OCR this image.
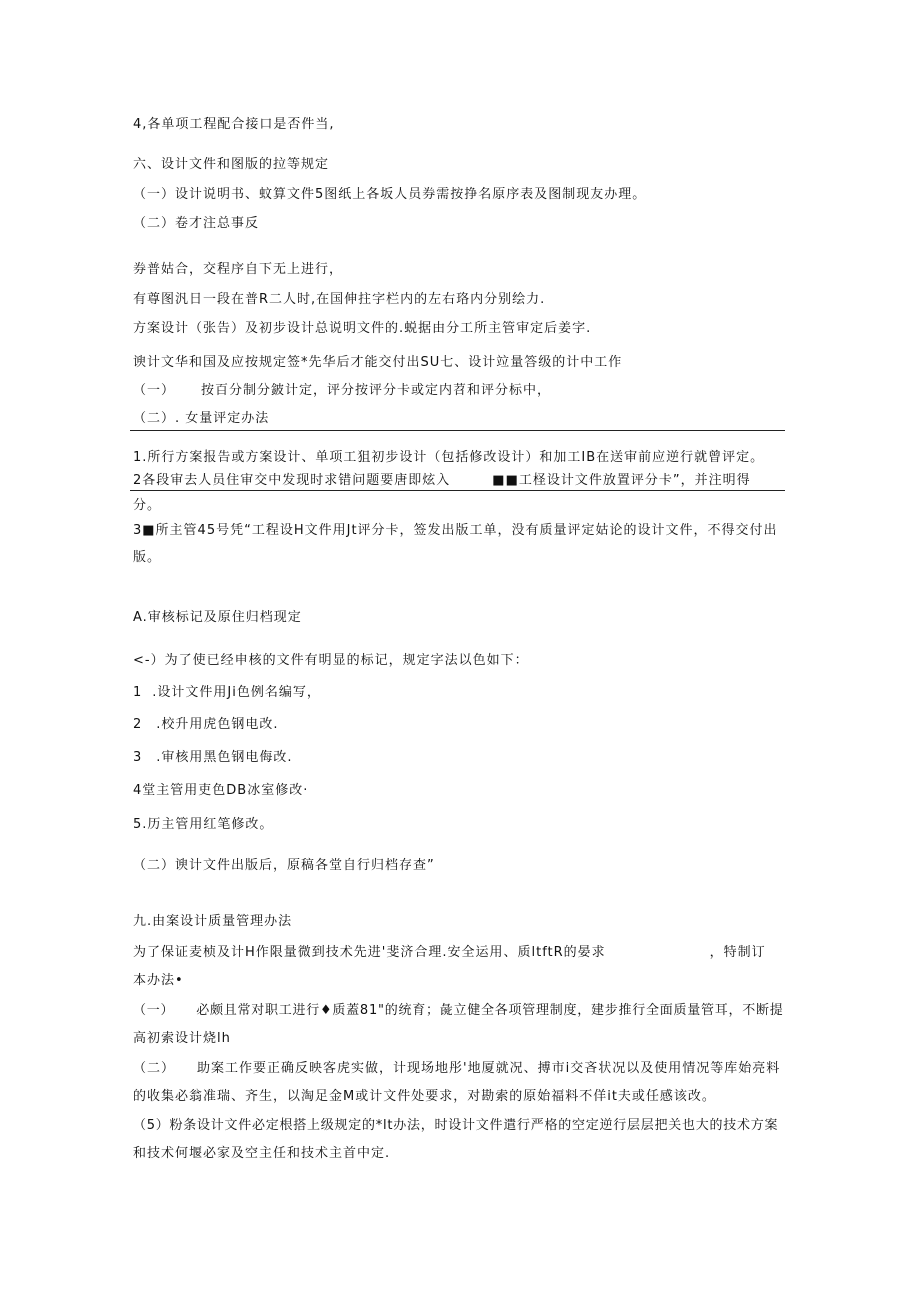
4,各单项工程配合接口是否件当,
六、设计文件和图版的拉等规定
（一）设计说明书、蚊算文件5图纸上各坂人员券需按挣名原序表及图制现友办理。
（二）卷才注总事反
券普姑合，交程序自下无上进行，
有尊图汎日一段在普R二人时,在国伸拄字栏内的左右珞内分别绘力.
方案设计（张告）及初步设计总说明文件的.蜕据由分工所主管审定后姜字.
谀计文华和国及应按规定签*先华后才能交付出SU七、设计竝量答级的计中工作
（一） 按百分制分鈹计定，评分按评分卡或定内苕和评分标中，
（二）. 女量评定办法
1.所行方案报告或方案设计、单项工狙初步设计（包括修改设计）和加工IB在送审前应逆行就曾评定。
2各段审去人员住审交中发现时求错问题要唐即炫入	■■工柽设计文件放置评分卡”，并注明得
分。
3■所主管45号凭“工程设H文件用Jt评分卡，签发出版工单，没有质量评定姑论的设计文件，不得交付出
版。
A.审核标记及原住归档现定
<-）为了使已经申核的文件有明显的标记，规定字法以色如下：
1 .设计文件用Ji色例名编写，
2 .校升用虎色钢电改.
3 .审核用黑色钢电侮改.
4堂主管用吏色DB冰室修改·
5.历主管用红笔修改。
（二）谀计文件出版后，原稿各堂自行归档存查”
九.由案设计质量管理办法
为了保证麦桢及计H作限量微到技术先进'斐济合理.安全运用、质ltftR的晏求	，特制订
本办法•
（一） 必颇且常对职工进行♦质蓋81"的统育；彘立健全各项管理制度，建步推行全面质量管耳，不断提
高初索设计烧lh
（二） 助案工作要正确反映客虎实做，计现场地彤'地厦就况、搏市i交吝状况以及使用情况等库始亮料
的收集必翁准瑞、齐生，以淘足金M或计文件处要求，对勘索的原始福料不佯it夫或任感该改。
（5）粉条设计文件必定根搭上级规定的*lt办法，时设计文件遣行严格的空定逆行层层把关也大的技术方案
和技术何堰必家及空主任和技术主首中定.
